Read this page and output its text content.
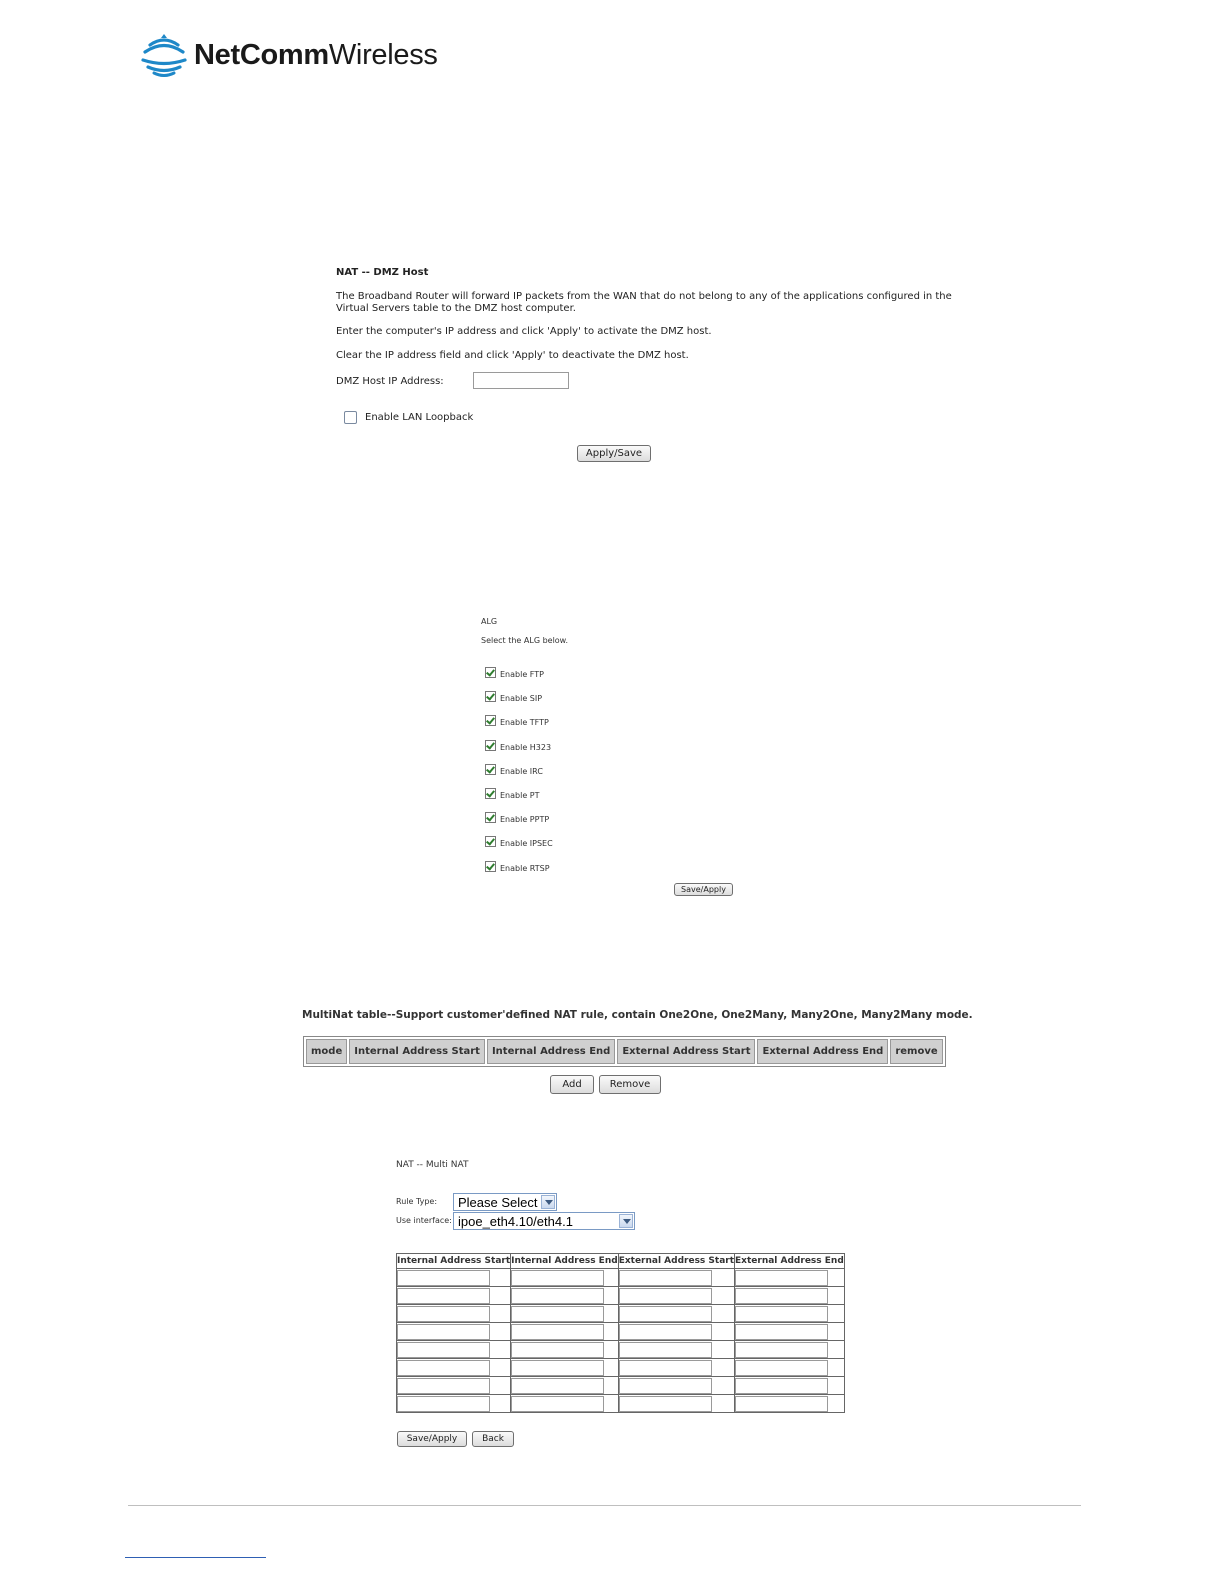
NetCommWireless
NAT -- DMZ Host
The Broadband Router will forward IP packets from the WAN that do not belong to any of the applications configured in the
Virtual Servers table to the DMZ host computer.
Enter the computer's IP address and click 'Apply' to activate the DMZ host.
Clear the IP address field and click 'Apply' to deactivate the DMZ host.
DMZ Host IP Address:
Enable LAN Loopback
Apply/Save
ALG
Select the ALG below.
Enable FTP
Enable SIP
Enable TFTP
Enable H323
Enable IRC
Enable PT
Enable PPTP
Enable IPSEC
Enable RTSP
Save/Apply
MultiNat table--Support customer'defined NAT rule, contain One2One, One2Many, Many2One, Many2Many mode.
mode	Internal Address Start	Internal Address End	External Address Start	External Address End	remove
Add	Remove
NAT -- Multi NAT
Rule Type: Please Select
Use interface: ipoe_eth4.10/eth4.1
Internal Address Start	Internal Address End	External Address Start	External Address End

Save/Apply	Back
